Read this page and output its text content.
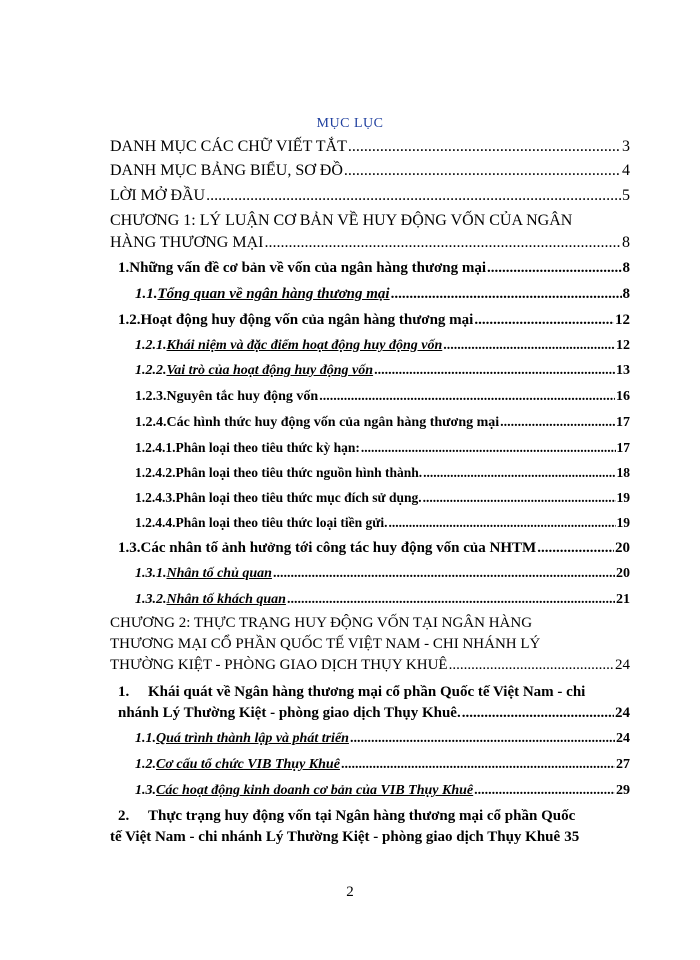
MỤC LỤC
DANH MỤC CÁC CHỮ VIẾT TẮT .....	3
DANH MỤC BẢNG BIỂU, SƠ ĐỒ .....	4
LỜI MỞ ĐẦU .....	5
CHƯƠNG 1: LÝ LUẬN CƠ BẢN VỀ HUY ĐỘNG VỐN CỦA NGÂN
HÀNG THƯƠNG MẠI .....	8
1. Những vấn đề cơ bản về vốn của ngân hàng thương mại .....	8
1.1. Tổng quan về ngân hàng thương mại .....	8
1.2. Hoạt động huy động vốn của ngân hàng thương mại .....	12
1.2.1. Khái niệm và đặc điểm hoạt động huy động vốn .....	12
1.2.2. Vai trò của hoạt động huy động vốn .....	13
1.2.3. Nguyên tắc huy động vốn .....	16
1.2.4. Các hình thức huy động vốn của ngân hàng thương mại .....	17
1.2.4.1. Phân loại theo tiêu thức kỳ hạn: .....	17
1.2.4.2. Phân loại theo tiêu thức nguồn hình thành. .....	18
1.2.4.3. Phân loại theo tiêu thức mục đích sử dụng. .....	19
1.2.4.4. Phân loại theo tiêu thức loại tiền gửi. .....	19
1.3. Các nhân tố ảnh hưởng tới công tác huy động vốn của NHTM .....	20
1.3.1. Nhân tố chủ quan .....	20
1.3.2. Nhân tố khách quan .....	21
CHƯƠNG 2: THỰC TRẠNG HUY ĐỘNG VỐN TẠI NGÂN HÀNG
THƯƠNG MẠI CỔ PHẦN QUỐC TẾ VIỆT NAM - CHI NHÁNH LÝ
THƯỜNG KIỆT - PHÒNG GIAO DỊCH THỤY KHUÊ .....	24
1. Khái quát về Ngân hàng thương mại cổ phần Quốc tế Việt Nam - chi
nhánh Lý Thường Kiệt - phòng giao dịch Thụy Khuê. .....	24
1.1. Quá trình thành lập và phát triển .....	24
1.2. Cơ cấu tổ chức VIB Thụy Khuê .....	27
1.3. Các hoạt động kinh doanh cơ bản của VIB Thụy Khuê .....	29
2. Thực trạng huy động vốn tại Ngân hàng thương mại cổ phần Quốc
tế Việt Nam - chi nhánh Lý Thường Kiệt - phòng giao dịch Thụy Khuê 35
2
